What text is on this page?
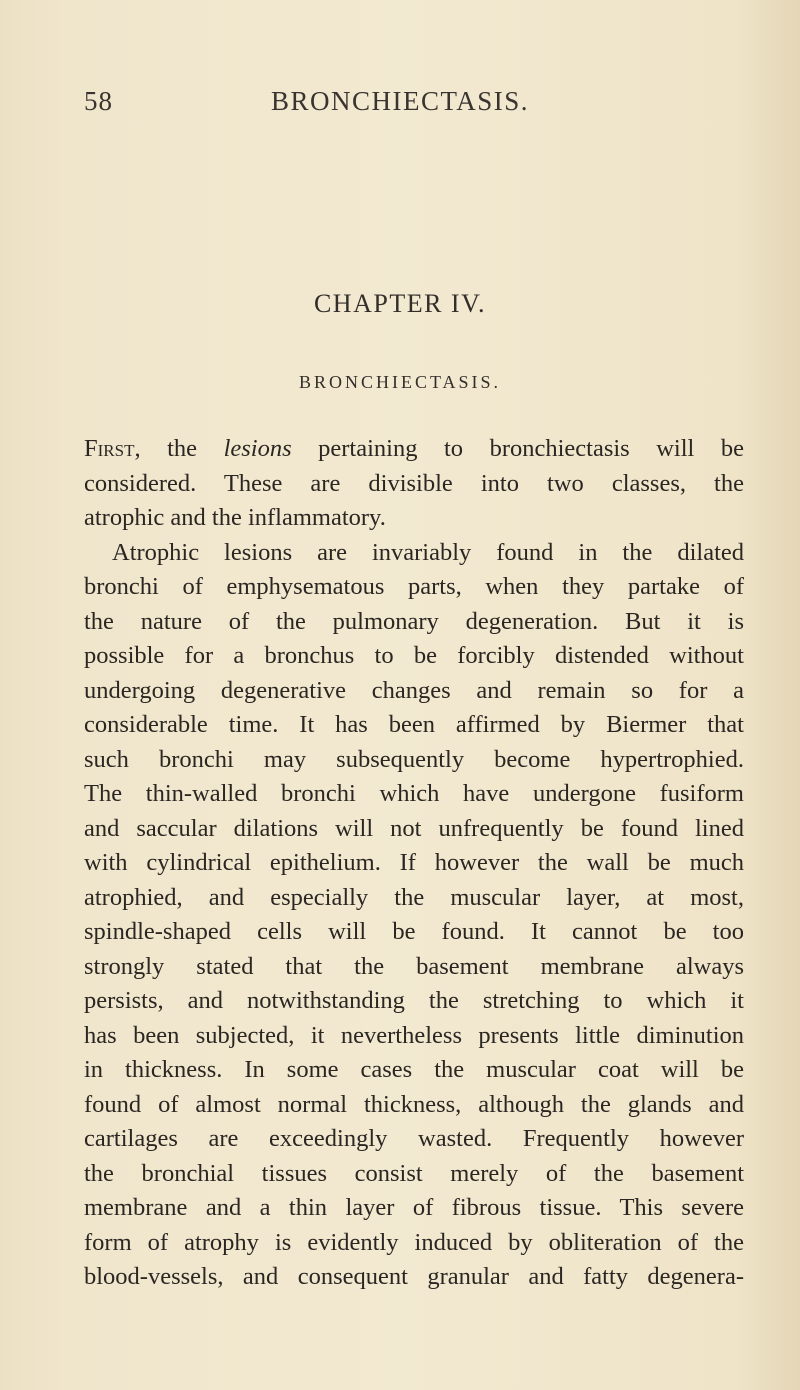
58	BRONCHIECTASIS.
CHAPTER IV.
BRONCHIECTASIS.
First, the lesions pertaining to bronchiectasis will be
considered. These are divisible into two classes, the
atrophic and the inflammatory.
Atrophic lesions are invariably found in the dilated
bronchi of emphysematous parts, when they partake of
the nature of the pulmonary degeneration. But it is
possible for a bronchus to be forcibly distended without
undergoing degenerative changes and remain so for a
considerable time. It has been affirmed by Biermer that
such bronchi may subsequently become hypertrophied.
The thin-walled bronchi which have undergone fusiform
and saccular dilations will not unfrequently be found lined
with cylindrical epithelium. If however the wall be much
atrophied, and especially the muscular layer, at most,
spindle-shaped cells will be found. It cannot be too
strongly stated that the basement membrane always
persists, and notwithstanding the stretching to which it
has been subjected, it nevertheless presents little diminution
in thickness. In some cases the muscular coat will be
found of almost normal thickness, although the glands and
cartilages are exceedingly wasted. Frequently however
the bronchial tissues consist merely of the basement
membrane and a thin layer of fibrous tissue. This severe
form of atrophy is evidently induced by obliteration of the
blood-vessels, and consequent granular and fatty degenera-
